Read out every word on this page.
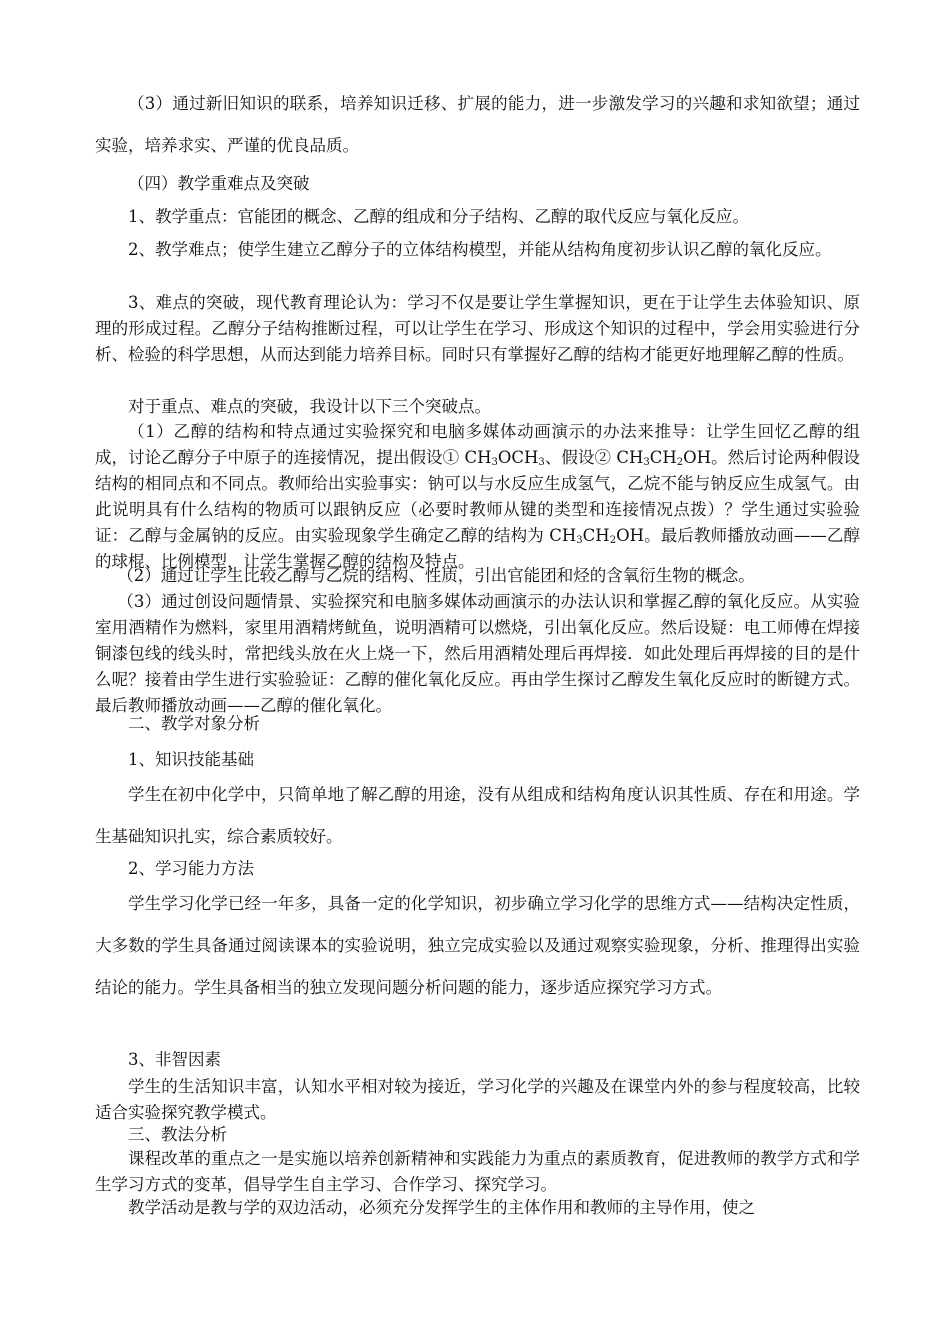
（3）通过新旧知识的联系，培养知识迁移、扩展的能力，进一步激发学习的兴趣和求知欲望；通过实验，培养求实、严谨的优良品质。

（四）教学重难点及突破

1、教学重点：官能团的概念、乙醇的组成和分子结构、乙醇的取代反应与氧化反应。

2、教学难点；使学生建立乙醇分子的立体结构模型，并能从结构角度初步认识乙醇的氧化反应。

3、难点的突破，现代教育理论认为：学习不仅是要让学生掌握知识，更在于让学生去体验知识、原理的形成过程。乙醇分子结构推断过程，可以让学生在学习、形成这个知识的过程中，学会用实验进行分析、检验的科学思想，从而达到能力培养目标。同时只有掌握好乙醇的结构才能更好地理解乙醇的性质。

对于重点、难点的突破，我设计以下三个突破点。

（1）乙醇的结构和特点通过实验探究和电脑多媒体动画演示的办法来推导：让学生回忆乙醇的组成，讨论乙醇分子中原子的连接情况，提出假设① $CH_3OCH_3$、假设② $CH_3CH_2OH$。然后讨论两种假设结构的相同点和不同点。教师给出实验事实：钠可以与水反应生成氢气，乙烷不能与钠反应生成氢气。由此说明具有什么结构的物质可以跟钠反应（必要时教师从键的类型和连接情况点拨）？学生通过实验验证：乙醇与金属钠的反应。由实验现象学生确定乙醇的结构为 $CH_3CH_2OH$。最后教师播放动画——乙醇的球棍、比例模型，让学生掌握乙醇的结构及特点。

（2）通过让学生比较乙醇与乙烷的结构、性质，引出官能团和烃的含氧衍生物的概念。

（3）通过创设问题情景、实验探究和电脑多媒体动画演示的办法认识和掌握乙醇的氧化反应。从实验室用酒精作为燃料，家里用酒精烤鱿鱼，说明酒精可以燃烧，引出氧化反应。然后设疑：电工师傅在焊接铜漆包线的线头时，常把线头放在火上烧一下，然后用酒精处理后再焊接．如此处理后再焊接的目的是什么呢？接着由学生进行实验验证：乙醇的催化氧化反应。再由学生探讨乙醇发生氧化反应时的断键方式。最后教师播放动画——乙醇的催化氧化。

二、教学对象分析

1、知识技能基础

学生在初中化学中，只简单地了解乙醇的用途，没有从组成和结构角度认识其性质、存在和用途。学生基础知识扎实，综合素质较好。

2、学习能力方法

学生学习化学已经一年多，具备一定的化学知识，初步确立学习化学的思维方式——结构决定性质，大多数的学生具备通过阅读课本的实验说明，独立完成实验以及通过观察实验现象，分析、推理得出实验结论的能力。学生具备相当的独立发现问题分析问题的能力，逐步适应探究学习方式。

3、非智因素

学生的生活知识丰富，认知水平相对较为接近，学习化学的兴趣及在课堂内外的参与程度较高，比较适合实验探究教学模式。

三、教法分析

课程改革的重点之一是实施以培养创新精神和实践能力为重点的素质教育，促进教师的教学方式和学生学习方式的变革，倡导学生自主学习、合作学习、探究学习。

教学活动是教与学的双边活动，必须充分发挥学生的主体作用和教师的主导作用，使之
